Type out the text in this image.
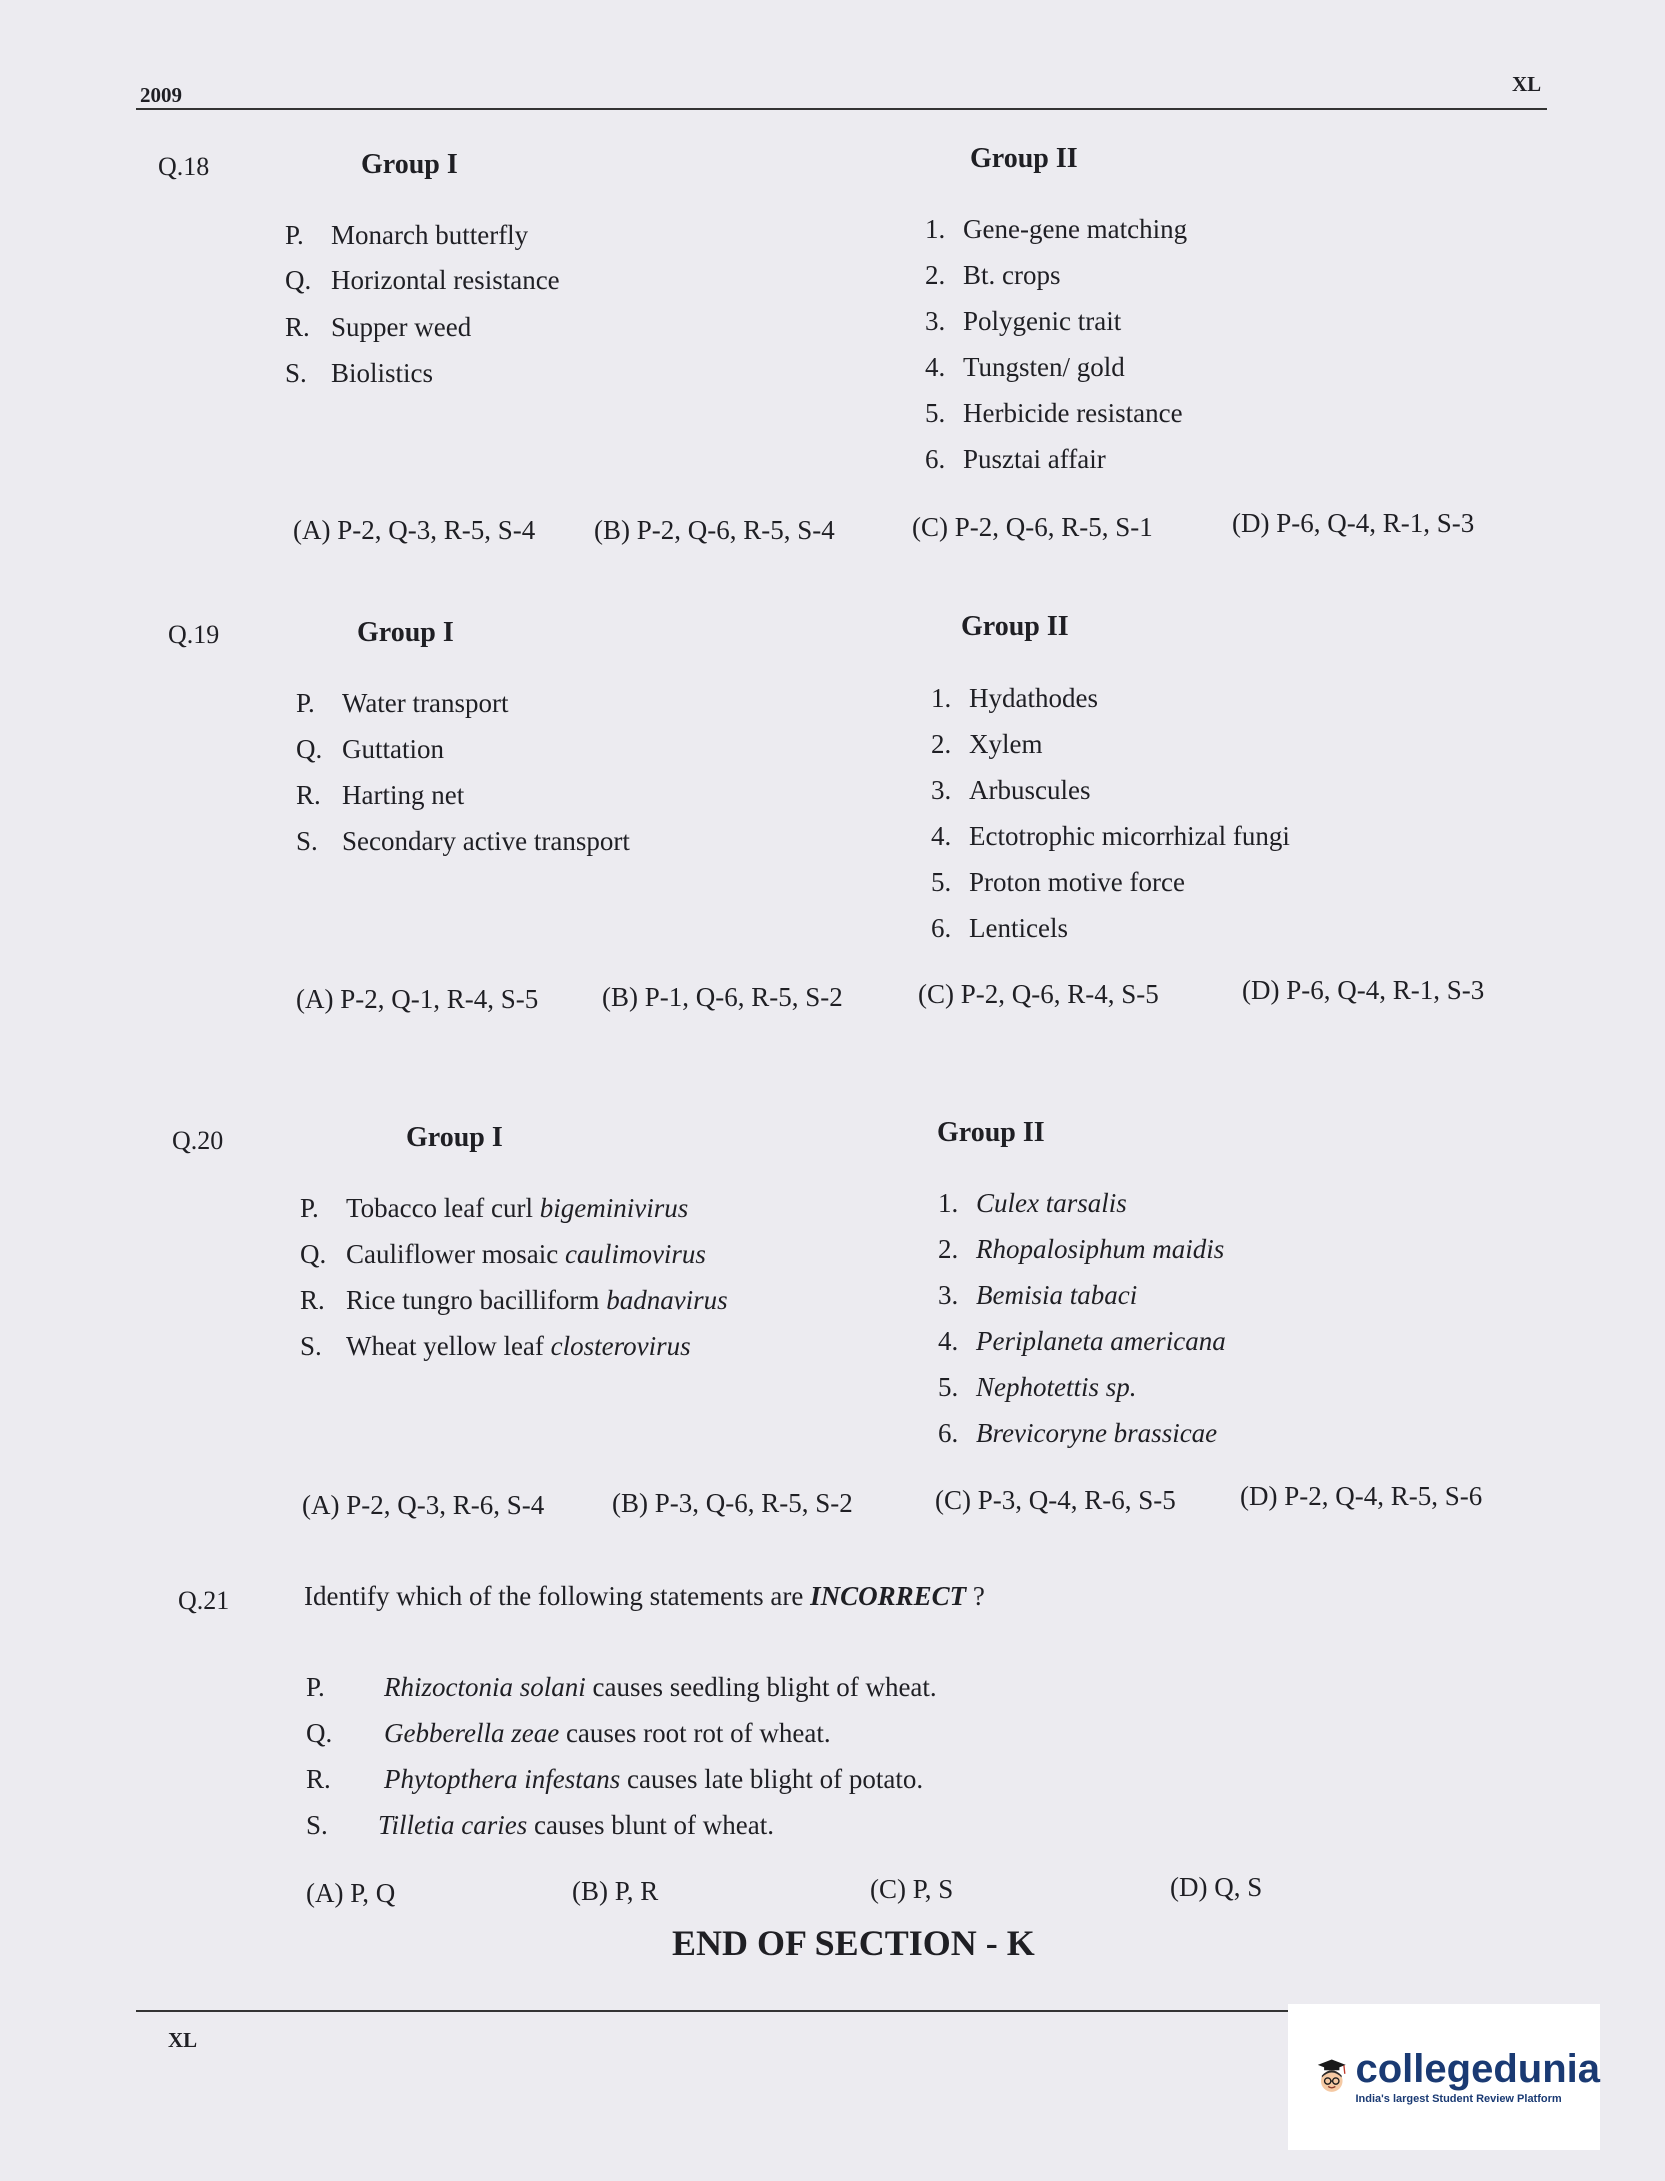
2009	XL
Q.18	Group I	Group II
P. Monarch butterfly
Q. Horizontal resistance
R. Supper weed
S. Biolistics
1. Gene-gene matching
2. Bt. crops
3. Polygenic trait
4. Tungsten/ gold
5. Herbicide resistance
6. Pusztai affair
(A) P-2, Q-3, R-5, S-4 (B) P-2, Q-6, R-5, S-4	(C) P-2, Q-6, R-5, S-1	(D) P-6, Q-4, R-1, S-3
Q.19	Group I	Group II
P. Water transport
Q. Guttation
R. Harting net
S. Secondary active transport
1. Hydathodes
2. Xylem
3. Arbuscules
4. Ectotrophic micorrhizal fungi
5. Proton motive force
6. Lenticels
(A) P-2, Q-1, R-4, S-5 (B) P-1, Q-6, R-5, S-2	(C) P-2, Q-6, R-4, S-5	(D) P-6, Q-4, R-1, S-3
Q.20	Group I	Group II
P. Tobacco leaf curl bigeminivirus
Q. Cauliflower mosaic caulimovirus
R. Rice tungro bacilliform badnavirus
S. Wheat yellow leaf closterovirus
1. Culex tarsalis
2. Rhopalosiphum maidis
3. Bemisia tabaci
4. Periplaneta americana
5. Nephotettis sp.
6. Brevicoryne brassicae
(A) P-2, Q-3, R-6, S-4	(B) P-3, Q-6, R-5, S-2	(C) P-3, Q-4, R-6, S-5 (D) P-2, Q-4, R-5, S-6
Q.21	Identify which of the following statements are INCORRECT ?
P. Rhizoctonia solani causes seedling blight of wheat.
Q. Gebberella zeae causes root rot of wheat.
R. Phytopthera infestans causes late blight of potato.
S. Tilletia caries causes blunt of wheat.
(A) P, Q	(B) P, R	(C) P, S	(D) Q, S
END OF SECTION - K
XL
collegedunia
India's largest Student Review Platform
